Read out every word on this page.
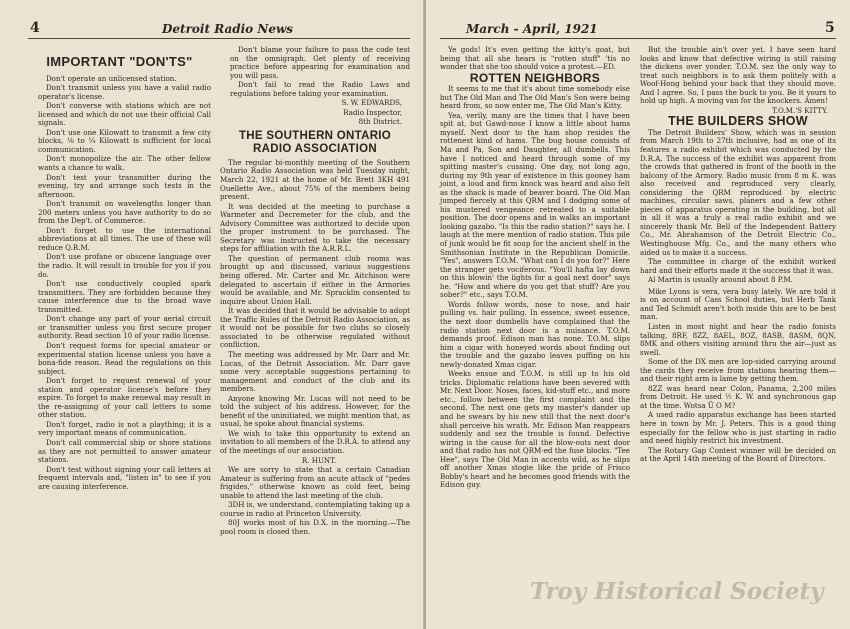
4	Detroit Radio News
IMPORTANT "DON'TS"

Don't operate an unlicensed station.

Don't transmit unless you have a valid radio operator's license.

Don't converse with stations which are not licensed and which do not use their official Call signals.

Don't use one Kilowatt to transmit a few city blocks, ⅛ to ¼ Kilowatt is sufficient for local communication.

Don't monopolize the air. The other fellow wants a chance to walk.

Don't test your transmitter during the evening, try and arrange such tests in the afternoon.

Don't transmit on wavelengths longer than 200 meters unless you have authority to do so from the Dep't. of Commerce.

Don't forget to use the international abbreviations at all times. The use of these will reduce Q.R.M.

Don't use profane or obscene language over the radio. It will result in trouble for you if you do.

Don't use conductively coupled spark transmitters. They are forbidden because they cause interference due to the broad wave transmitted.

Don't change any part of your aerial circuit or transmitter unless you first secure proper authority. Read section 10 of your radio license.

Don't request forms for special amateur or experimental station license unless you have a bona-fide reason. Read the regulations on this subject.

Don't forget to request renewal of your station and operator license's before they expire. To forget to make renewal may result in the re-assigning of your call letters to some other station.

Don't forget, radio is not a plaything; it is a very important means of communication.

Don't call commercial ship or shore stations as they are not permitted to answer amateur stations.

Don't test without signing your call letters at frequent intervals and, "listen in" to see if you are causing interference.

Don't blame your failure to pass the code test on the omnigraph. Get plenty of receiving practice before appearing for examination and you will pass.

Don't fail to read the Radio Laws and regulations before taking your examination.

S. W. EDWARDS,

Radio Inspector,

8th District.

THE SOUTHERN ONTARIO RADIO ASSOCIATION

The regular bi-monthly meeting of the Southern Ontario Radio Association was held Tuesday night, March 22, 1921 at the home of Mr. Brett 3KH 491 Ouellette Ave., about 75% of the members being present.

It was decided at the meeting to purchase a Warmeter and Decremeter for the club, and the Advisory Committee was authorized to decide upon the proper instrument to be purchased. The Secretary was instructed to take the necessary steps for affiliation with the A.R.R.L.

The question of permanent club rooms was brought up and discussed, various suggestions being offered. Mr. Carter and Mr. Aitchison were delegated to ascertain if either in the Armories would be available, and Mr. Spracklin consented to inquire about Union Hall.

It was decided that it would be advisable to adopt the Traffic Rules of the Detroit Radio Association, as it would not be possible for two clubs so closely associated to be otherwise regulated without confliction.

The meeting was addressed by Mr. Darr and Mr. Lucas, of the Detroit Association. Mr. Darr gave some very acceptable suggestions pertaining to management and conduct of the club and its members.

Anyone knowing Mr. Lucas will not need to be told the subject of his address. However, for the benefit of the uninitiated, we might mention that, as usual, he spoke about financial systems.

We wish to take this opportunity to extend an invitation to all members of the D.R.A. to attend any of the meetings of our association.

R. HUNT.

We are sorry to state that a certain Canadian Amateur is suffering from an acute attack of "pedes frigides," otherwise known as cold feet, being unable to attend the last meeting of the club.

3DH is, we understand, contemplating taking up a course in radio at Princeton University.

80J works most of his D.X. in the morning.—The pool room is closed then.

March - April, 1921	5

Ye gods! It's even getting the kitty's goat, but being that all she hears is "rotten stuff" 'tis no wonder that she too should voice a protest.—ED.

ROTTEN NEIGHBORS

It seems to me that it's about time somebody else but The Old Man and The Old Man's Son were being heard from, so now enter me, The Old Man's Kitty.

Yea, verily, many are the times that I have been spit at, but Gawd-nose I know a little about hams myself. Next door to the ham shop resides the rottenest kind of hams. The bug house consists of Ma and Pa, Son and Daughter, all dumbells. This have I noticed and heard through some of my spitting master's cussing. One day, not long ago, during my 9th year of existence in this gooney ham joint, a loud and firm knock was heard and also felt as the shack is made of beaver board. The Old Man jumped fiercely at this QRM and I dodging some of his mustered vengeance retreated to a suitable position. The door opens and in walks an important looking gazabo. "Is this the radio station?" says he. I laugh at the mere mention of radio station. This pile of junk would be fit soup for the ancient shelf in the Smithsonian Institute in the Republican Domicile. "Yes", answers T.O.M. "What can I do you for?" Here the stranger gets vociferous. "You'll hafta lay down on this blowin' the lights for a goal next door" says he. "How and where do you get that stuff? Are you sober?" etc., says T.O.M.

Words follow words, nose to nose, and hair pulling vs. hair pulling. In essence, sweet essence, the next door dumbells have complained that the radio station next door is a nuisance. T.O.M. demands proof. Edison man has none. T.O.M. slips him a cigar with honeyed words about finding out the trouble and the gazabo leaves puffing on his newly-donated Xmas cigar.

Weeks ensue and T.O.M. is still up to his old tricks. Diplomatic relations have been severed with Mr. Next Door. Noses, faces, kid-stuff etc., and more etc., follow between the first complaint and the second. The next one gets my master's dander up and he swears by his new still that the next door's shall perceive his wrath. Mr. Edison Man reappears suddenly and sez the trouble is found. Defective wiring is the cause for all the blow-outs next door and that radio has not QRM-ed the fuse blocks. "Tee Hee", says The Old Man in accents wild, as he slips off another Xmas stogie like the pride of Frisco Bobby's heart and he becomes good friends with the Edison guy.

But the trouble ain't over yet. I have seen hard looks and know that defective wiring is still raising the dickens over yonder. T.O.M. sez the only way to treat such neighbors is to ask them politely with a Woof-Hong behind your back that they should move. And I agree. So, I pass the buck to you. Be it yours to hold up high. A moving van for the knockers. Amen!

T.O.M.'S KITTY.

THE BUILDERS SHOW

The Detroit Builders' Show, which was in session from March 19th to 27th inclusive, had as one of its features a radio exhibit which was conducted by the D.R.A. The success of the exhibit was apparent from the crowds that gathered in front of the booth in the balcony of the Armory. Radio music from 8 m K. was also received and reproduced very clearly, considering the QRM reproduced by electric machines, circular saws, planers and a few other pieces of apparatus operating in the building, but all in all it was a truly a real radio exhibit and we sincerely thank Mr. Bell of the Independent Battery Co., Mr. Abrahamson of the Detroit Electric Co., Westinghouse Mfg. Co., and the many others who aided us to make it a success.

The committee in charge of the exhibit worked hard and their efforts made it the success that it was.

Al Martin is usually around about 8 P.M.

Mike Lyons is vera, vera busy lately. We are told it is on account of Cass School duties, but Herb Tank and Ted Schmidt aren't both inside this are to be best man.

Listen in most night and hear the radio fonists talking, 8RF, 8ZZ, 8AEL, 8OZ, 8ASB, 8ASM, 8QN, 8MK and others visiting around thru the air—just as swell.

Some of the DX men are lop-sided carrying around the cards they receive from stations hearing them—and their right arm is lame by getting them.

8ZZ was heard near Colon, Panama, 2,200 miles from Detroit. He used ½ K. W. and synchronous gap at the time. Wotsa Ü O M?

A used radio apparatus exchange has been started here in town by Mr. J. Peters. This is a good thing especially for the fellow who is just starting in radio and need highly restrict his investment.

The Rotary Gap Contest winner will be decided on at the April 14th meeting of the Board of Directors.

Troy Historical Society
